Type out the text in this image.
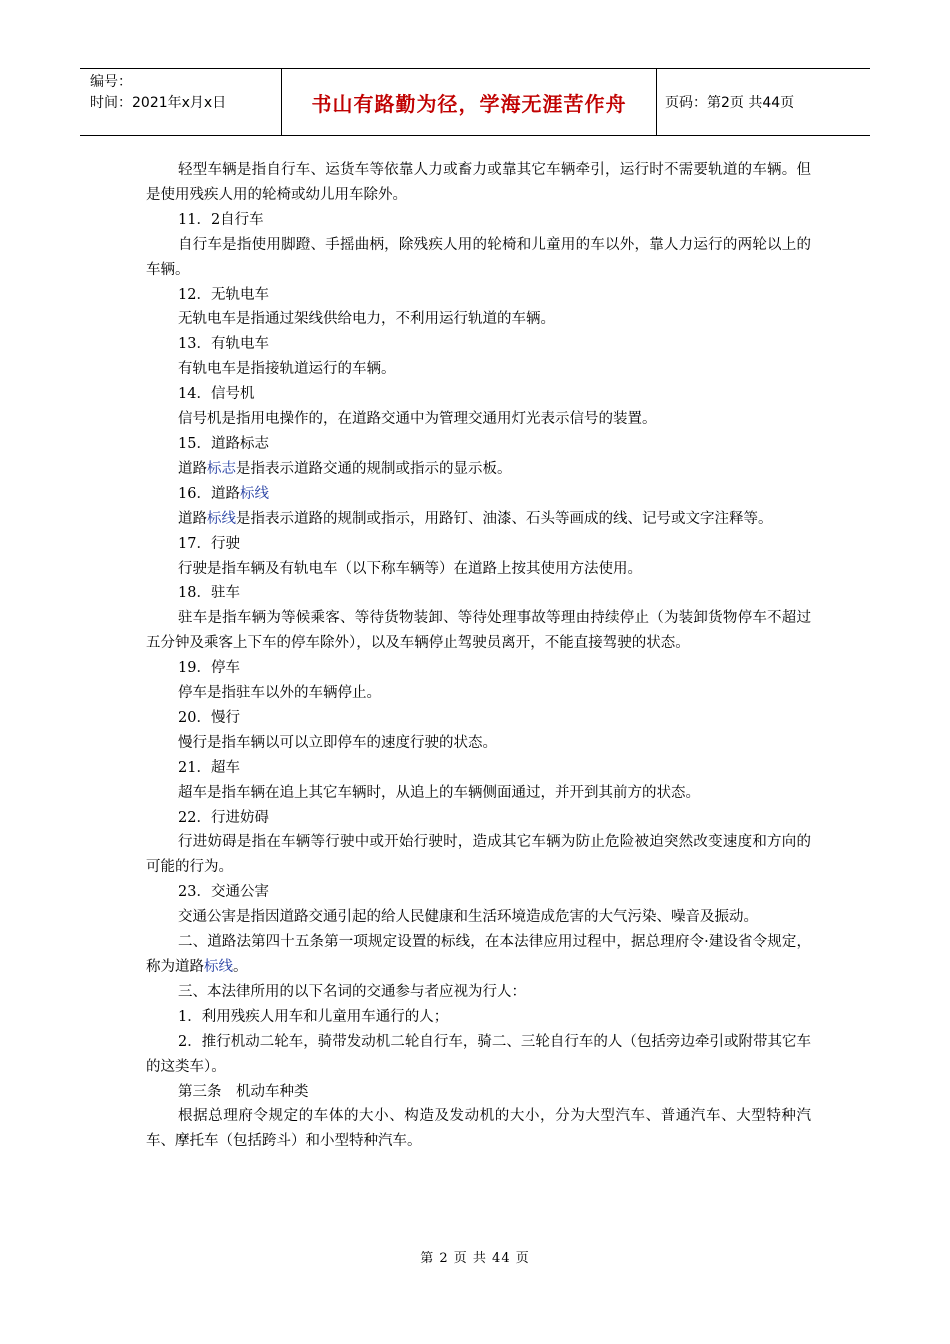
编号：
时间：2021年x月x日	书山有路勤为径，学海无涯苦作舟	页码：第2页 共44页

轻型车辆是指自行车、运货车等依靠人力或畜力或靠其它车辆牵引，运行时不需要轨道的车辆。但是使用残疾人用的轮椅或幼儿用车除外。

11．2自行车

自行车是指使用脚蹬、手摇曲柄，除残疾人用的轮椅和儿童用的车以外，靠人力运行的两轮以上的车辆。

12．无轨电车

无轨电车是指通过架线供给电力，不利用运行轨道的车辆。

13．有轨电车

有轨电车是指接轨道运行的车辆。

14．信号机

信号机是指用电操作的，在道路交通中为管理交通用灯光表示信号的装置。

15．道路标志

道路标志是指表示道路交通的规制或指示的显示板。

16．道路标线

道路标线是指表示道路的规制或指示，用路钉、油漆、石头等画成的线、记号或文字注释等。

17．行驶

行驶是指车辆及有轨电车（以下称车辆等）在道路上按其使用方法使用。

18．驻车

驻车是指车辆为等候乘客、等待货物装卸、等待处理事故等理由持续停止（为装卸货物停车不超过五分钟及乘客上下车的停车除外），以及车辆停止驾驶员离开，不能直接驾驶的状态。

19．停车

停车是指驻车以外的车辆停止。

20．慢行

慢行是指车辆以可以立即停车的速度行驶的状态。

21．超车

超车是指车辆在追上其它车辆时，从追上的车辆侧面通过，并开到其前方的状态。

22．行进妨碍

行进妨碍是指在车辆等行驶中或开始行驶时，造成其它车辆为防止危险被迫突然改变速度和方向的可能的行为。

23．交通公害

交通公害是指因道路交通引起的给人民健康和生活环境造成危害的大气污染、噪音及振动。

二、道路法第四十五条第一项规定设置的标线，在本法律应用过程中，据总理府令·建设省令规定，称为道路标线。

三、本法律所用的以下名词的交通参与者应视为行人：

1．利用残疾人用车和儿童用车通行的人；

2．推行机动二轮车，骑带发动机二轮自行车，骑二、三轮自行车的人（包括旁边牵引或附带其它车的这类车）。

第三条　机动车种类

根据总理府令规定的车体的大小、构造及发动机的大小，分为大型汽车、普通汽车、大型特种汽车、摩托车（包括跨斗）和小型特种汽车。

第 2 页 共 44 页
